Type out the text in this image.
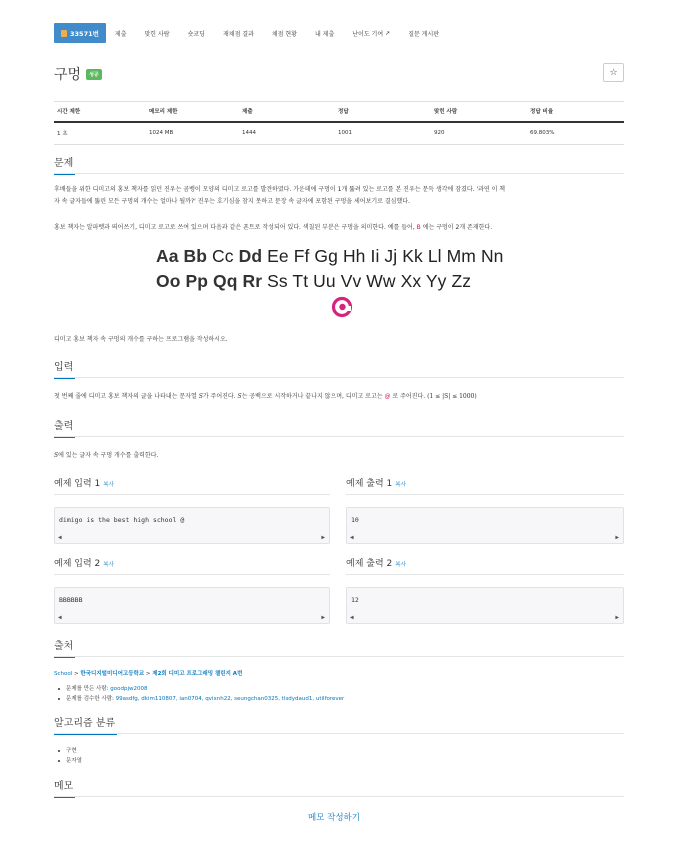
33571번	제출	맞힌 사람	숏코딩	재채점 결과	채점 현황	내 제출	난이도 기여 ↗	질문 게시판
구멍	성공	☆
시간 제한	메모리 제한	제출	정답	맞힌 사람	정답 비율
1 초	1024 MB	1444	1001	920	69.803%
문제
후배들을 위한 디미고의 홍보 책자를 읽던 진우는 곰뱅이 모양의 디미고 로고를 발견하였다. 가운데에 구멍이 1개 뚫려 있는 로고를 본 진우는 문득 생각에 잠겼다. '과연 이 책
자 속 글자들에 뚫린 모든 구멍의 개수는 얼마나 될까?' 진우는 호기심을 참지 못하고 문장 속 글자에 포함된 구멍을 세어보기로 결심했다.
홍보 책자는 알파벳과 띄어쓰기, 디미고 로고로 쓰여 있으며 다음과 같은 폰트로 작성되어 있다. 색칠된 부분은 구멍을 의미한다. 예를 들어, B 에는 구멍이 2개 존재한다.
Aa Bb Cc Dd Ee Ff Gg Hh Ii Jj Kk Ll Mm Nn
Oo Pp Qq Rr Ss Tt Uu Vv Ww Xx Yy Zz
디미고 홍보 책자 속 구멍의 개수를 구하는 프로그램을 작성하시오.
입력
첫 번째 줄에 디미고 홍보 책자의 글을 나타내는 문자열 S가 주어진다. S는 공백으로 시작하거나 끝나지 않으며, 디미고 로고는 @ 로 주어진다. (1 ≤ |S| ≤ 1000)
출력
S에 있는 글자 속 구멍 개수를 출력한다.
예제 입력 1 복사	예제 출력 1 복사
dimigo is the best high school @
◀	▶
10
◀	▶
예제 입력 2 복사	예제 출력 2 복사
BBBBBB
◀	▶
12
◀	▶
출처
School > 한국디지털미디어고등학교 > 제2회 디미고 프로그래밍 챌린지 A번
문제를 만든 사람: goodpjw2008
문제를 검수한 사람: 99asdfg, dkim110807, ian0704, qvixnh22, seungchan0325, tlsdydaud1, utilforever
알고리즘 분류
구현
문자열
메모
메모 작성하기
